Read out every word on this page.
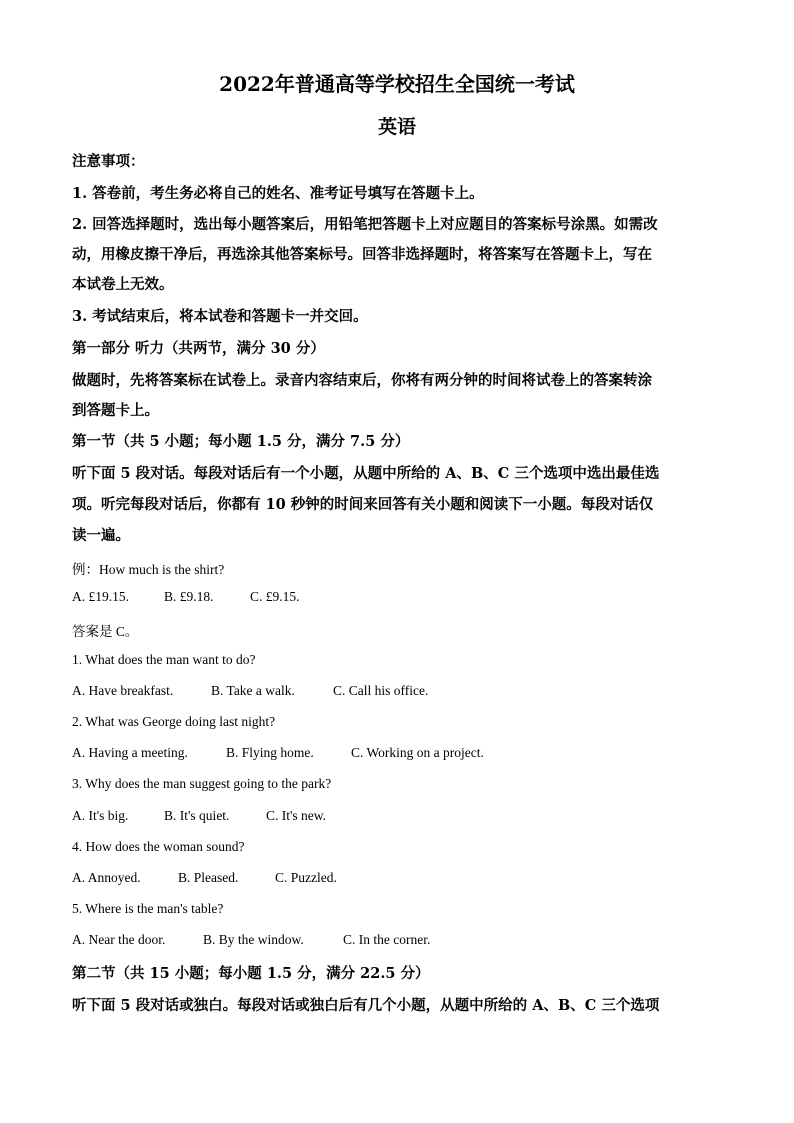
2022年普通高等学校招生全国统一考试
英语
注意事项：
1. 答卷前，考生务必将自己的姓名、准考证号填写在答题卡上。
2. 回答选择题时，选出每小题答案后，用铅笔把答题卡上对应题目的答案标号涂黑。如需改
动，用橡皮擦干净后，再选涂其他答案标号。回答非选择题时，将答案写在答题卡上，写在
本试卷上无效。
3. 考试结束后，将本试卷和答题卡一并交回。
第一部分 听力（共两节，满分 30 分）
做题时，先将答案标在试卷上。录音内容结束后，你将有两分钟的时间将试卷上的答案转涂
到答题卡上。
第一节（共 5 小题；每小题 1.5 分，满分 7.5 分）
听下面 5 段对话。每段对话后有一个小题，从题中所给的 A、B、C 三个选项中选出最佳选
项。听完每段对话后，你都有 10 秒钟的时间来回答有关小题和阅读下一小题。每段对话仅
读一遍。
例：How much is the shirt?
A. £19.15.	B. £9.18.	C. £9.15.
答案是 C。
1. What does the man want to do?
A. Have breakfast.	B. Take a walk.	C. Call his office.
2. What was George doing last night?
A. Having a meeting.	B. Flying home.	C. Working on a project.
3. Why does the man suggest going to the park?
A. It's big.	B. It's quiet.	C. It's new.
4. How does the woman sound?
A. Annoyed.	B. Pleased.	C. Puzzled.
5. Where is the man's table?
A. Near the door.	B. By the window.	C. In the corner.
第二节（共 15 小题；每小题 1.5 分，满分 22.5 分）
听下面 5 段对话或独白。每段对话或独白后有几个小题，从题中所给的 A、B、C 三个选项
